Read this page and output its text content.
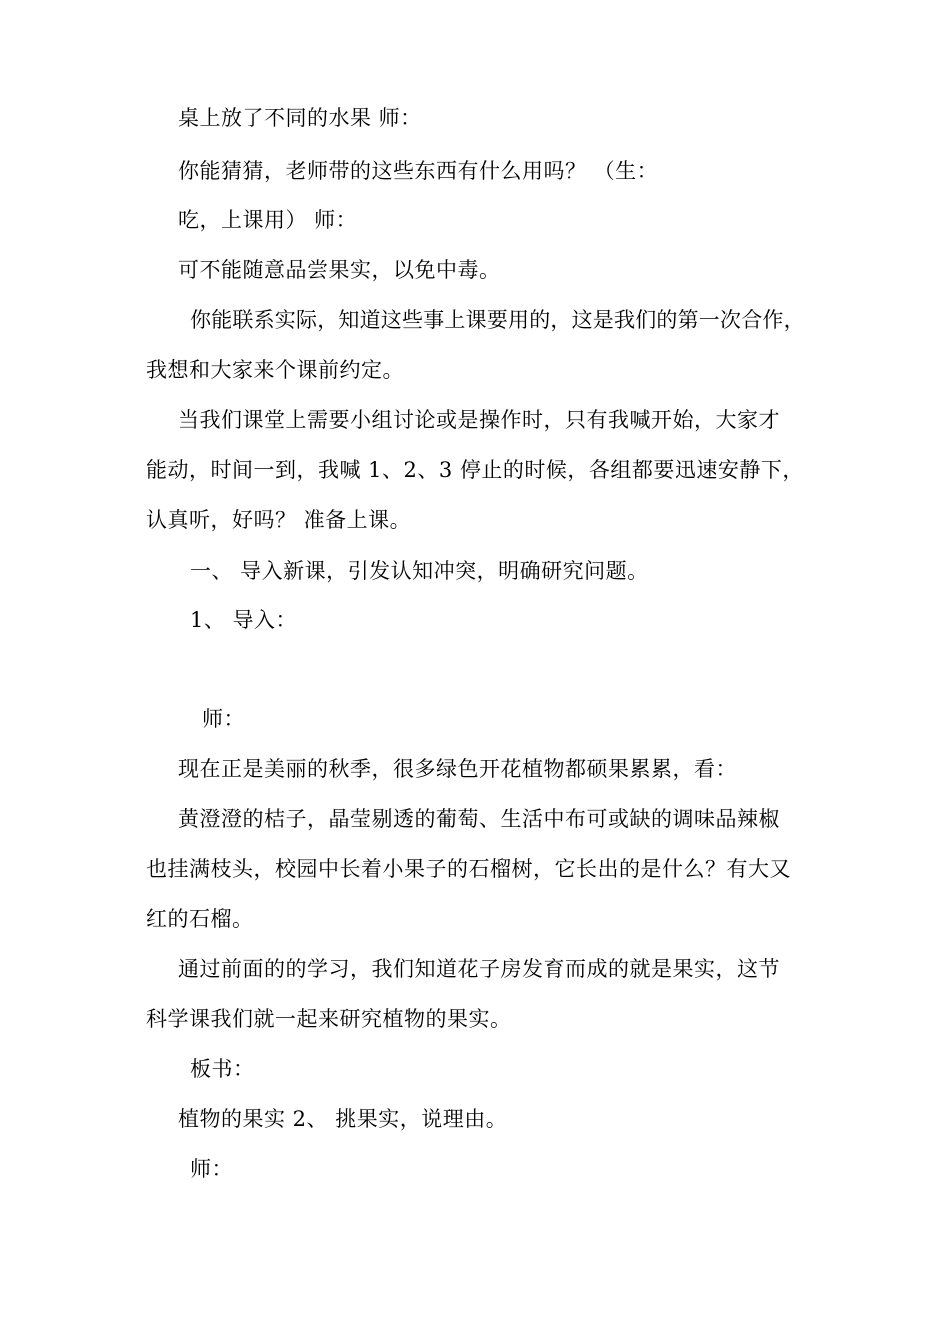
桌上放了不同的水果 师：
你能猜猜，老师带的这些东西有什么用吗？ （生：
吃，上课用） 师：
可不能随意品尝果实，以免中毒。
你能联系实际，知道这些事上课要用的，这是我们的第一次合作，
我想和大家来个课前约定。
当我们课堂上需要小组讨论或是操作时，只有我喊开始，大家才
能动，时间一到，我喊 1、2、3 停止的时候，各组都要迅速安静下，
认真听，好吗？ 准备上课。
一、 导入新课，引发认知冲突，明确研究问题。
1、 导入：
师：
现在正是美丽的秋季，很多绿色开花植物都硕果累累，看：
黄澄澄的桔子，晶莹剔透的葡萄、生活中布可或缺的调味品辣椒
也挂满枝头，校园中长着小果子的石榴树，它长出的是什么？有大又
红的石榴。
通过前面的的学习，我们知道花子房发育而成的就是果实，这节
科学课我们就一起来研究植物的果实。
板书：
植物的果实 2、 挑果实，说理由。
师：
